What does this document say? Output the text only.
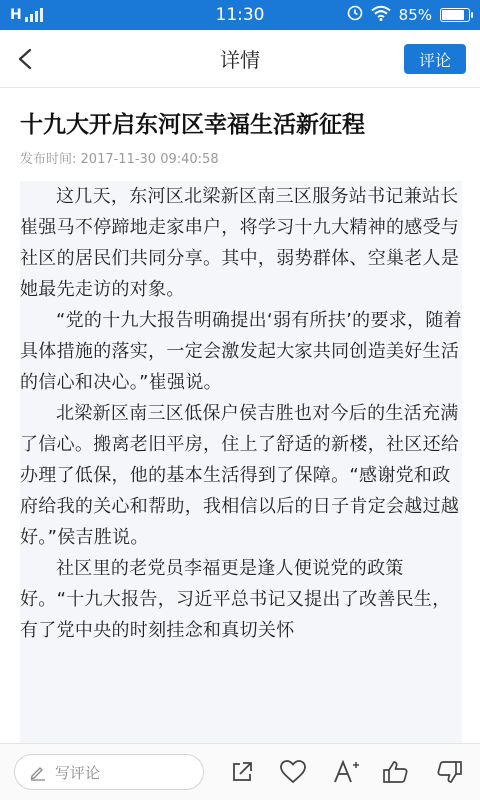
H	11:30	85%
详情	评论
十九大开启东河区幸福生活新征程
发布时间: 2017-11-30 09:40:58

这几天，东河区北梁新区南三区服务站书记兼站长崔强马不停蹄地走家串户，将学习十九大精神的感受与社区的居民们共同分享。其中，弱势群体、空巢老人是她最先走访的对象。

“党的十九大报告明确提出‘弱有所扶’的要求，随着具体措施的落实，一定会激发起大家共同创造美好生活的信心和决心。”崔强说。

北梁新区南三区低保户侯吉胜也对今后的生活充满了信心。搬离老旧平房，住上了舒适的新楼，社区还给办理了低保，他的基本生活得到了保障。“感谢党和政府给我的关心和帮助，我相信以后的日子肯定会越过越好。”侯吉胜说。

社区里的老党员李福更是逢人便说党的政策好。“十九大报告，习近平总书记又提出了改善民生，有了党中央的时刻挂念和真切关怀

写评论
